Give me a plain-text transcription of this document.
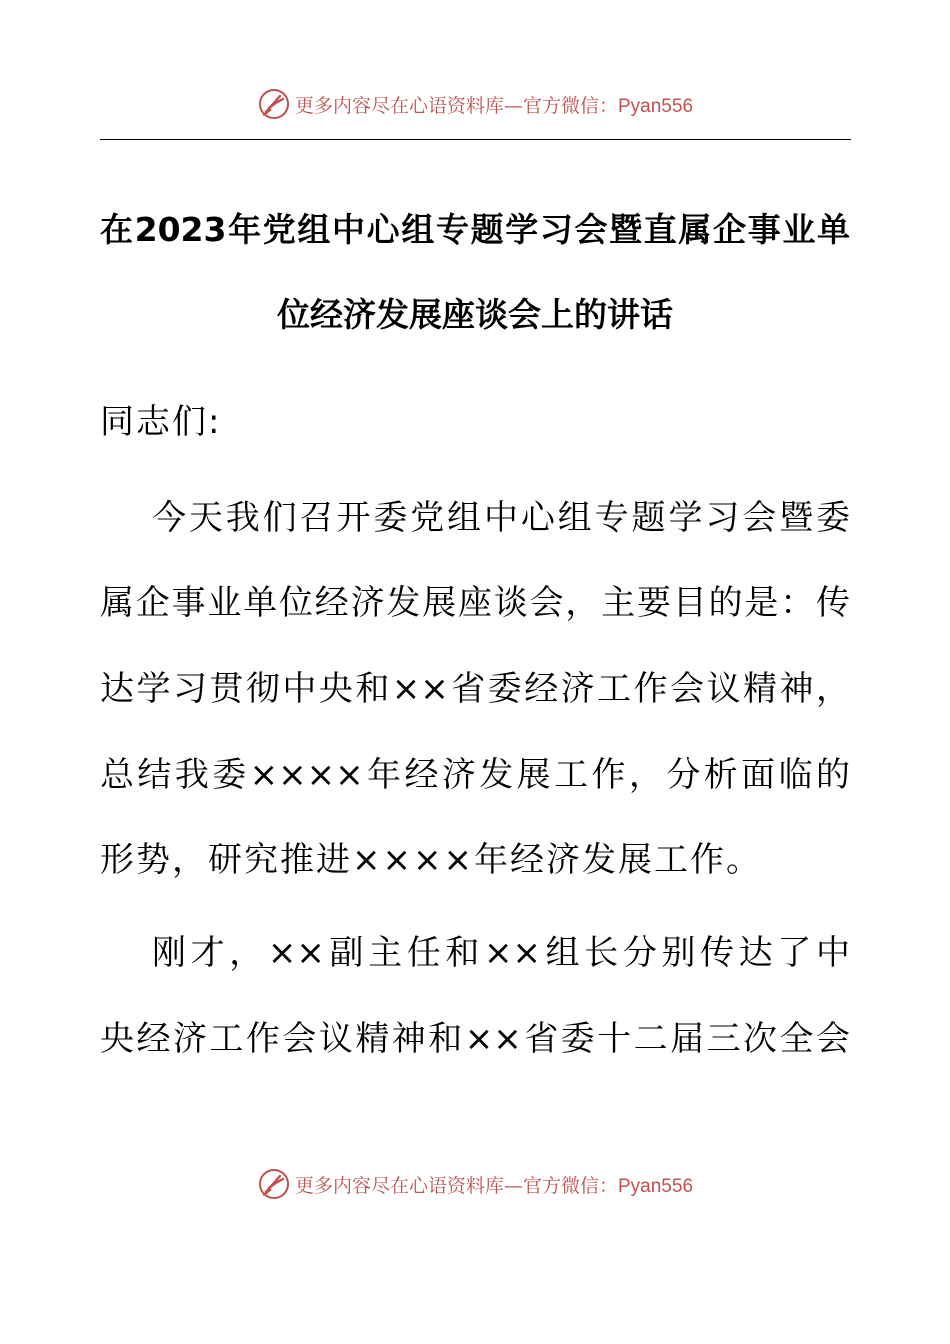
更多内容尽在心语资料库—官方微信：Pyan556
在2023年党组中心组专题学习会暨直属企事业单
位经济发展座谈会上的讲话
同志们:
今天我们召开委党组中心组专题学习会暨委
属企事业单位经济发展座谈会，主要目的是：传
达学习贯彻中央和××省委经济工作会议精神，
总结我委××××年经济发展工作，分析面临的
形势，研究推进××××年经济发展工作。
刚才，××副主任和××组长分别传达了中
央经济工作会议精神和××省委十二届三次全会
更多内容尽在心语资料库—官方微信：Pyan556
